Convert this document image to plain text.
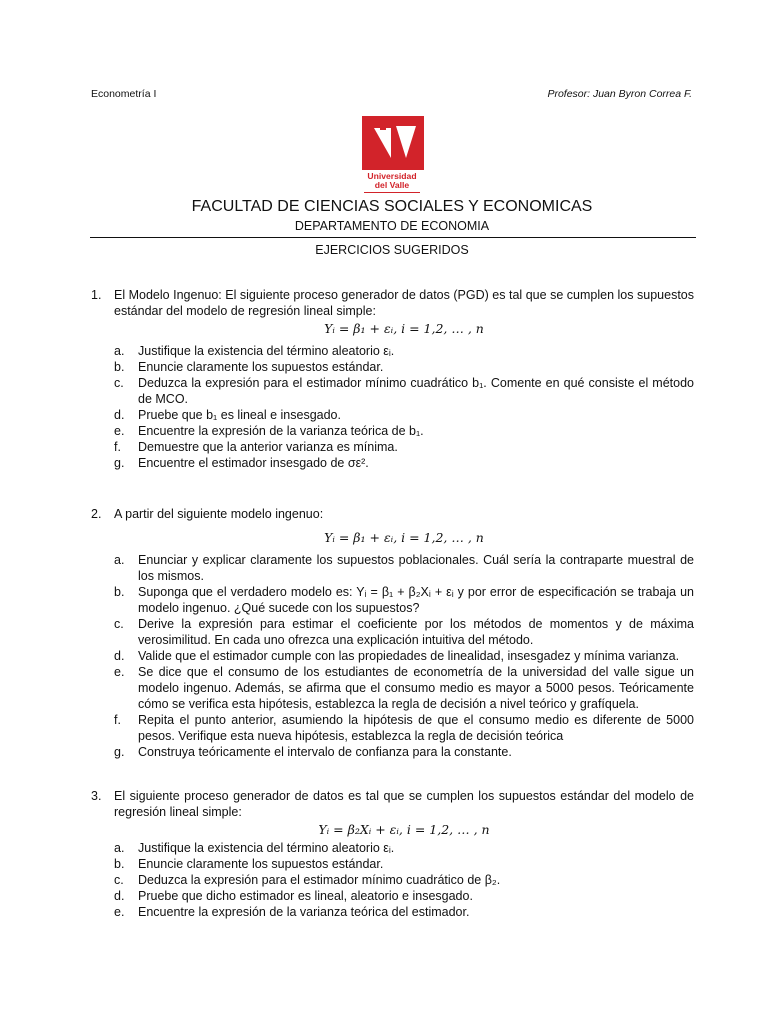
Econometría I	Profesor: Juan Byron Correa F.
Universidad
del Valle
FACULTAD DE CIENCIAS SOCIALES Y ECONOMICAS
DEPARTAMENTO DE ECONOMIA
EJERCICIOS SUGERIDOS
1. El Modelo Ingenuo: El siguiente proceso generador de datos (PGD) es tal que se cumplen los supuestos estándar del modelo de regresión lineal simple:
Yᵢ = β₁ + εᵢ, i = 1,2, … , n
a. Justifique la existencia del término aleatorio εᵢ.
b. Enuncie claramente los supuestos estándar.
c. Deduzca la expresión para el estimador mínimo cuadrático b₁. Comente en qué consiste el método de MCO.
d. Pruebe que b₁ es lineal e insesgado.
e. Encuentre la expresión de la varianza teórica de b₁.
f. Demuestre que la anterior varianza es mínima.
g. Encuentre el estimador insesgado de σε².
2. A partir del siguiente modelo ingenuo:
Yᵢ = β₁ + εᵢ, i = 1,2, … , n
a. Enunciar y explicar claramente los supuestos poblacionales. Cuál sería la contraparte muestral de los mismos.
b. Suponga que el verdadero modelo es: Yᵢ = β₁ + β₂Xᵢ + εᵢ y por error de especificación se trabaja un modelo ingenuo. ¿Qué sucede con los supuestos?
c. Derive la expresión para estimar el coeficiente por los métodos de momentos y de máxima verosimilitud. En cada uno ofrezca una explicación intuitiva del método.
d. Valide que el estimador cumple con las propiedades de linealidad, insesgadez y mínima varianza.
e. Se dice que el consumo de los estudiantes de econometría de la universidad del valle sigue un modelo ingenuo. Además, se afirma que el consumo medio es mayor a 5000 pesos. Teóricamente cómo se verifica esta hipótesis, establezca la regla de decisión a nivel teórico y grafíquela.
f. Repita el punto anterior, asumiendo la hipótesis de que el consumo medio es diferente de 5000 pesos. Verifique esta nueva hipótesis, establezca la regla de decisión teórica
g. Construya teóricamente el intervalo de confianza para la constante.
3. El siguiente proceso generador de datos es tal que se cumplen los supuestos estándar del modelo de regresión lineal simple:
Yᵢ = β₂Xᵢ + εᵢ, i = 1,2, … , n
a. Justifique la existencia del término aleatorio εᵢ.
b. Enuncie claramente los supuestos estándar.
c. Deduzca la expresión para el estimador mínimo cuadrático de β₂.
d. Pruebe que dicho estimador es lineal, aleatorio e insesgado.
e. Encuentre la expresión de la varianza teórica del estimador.
